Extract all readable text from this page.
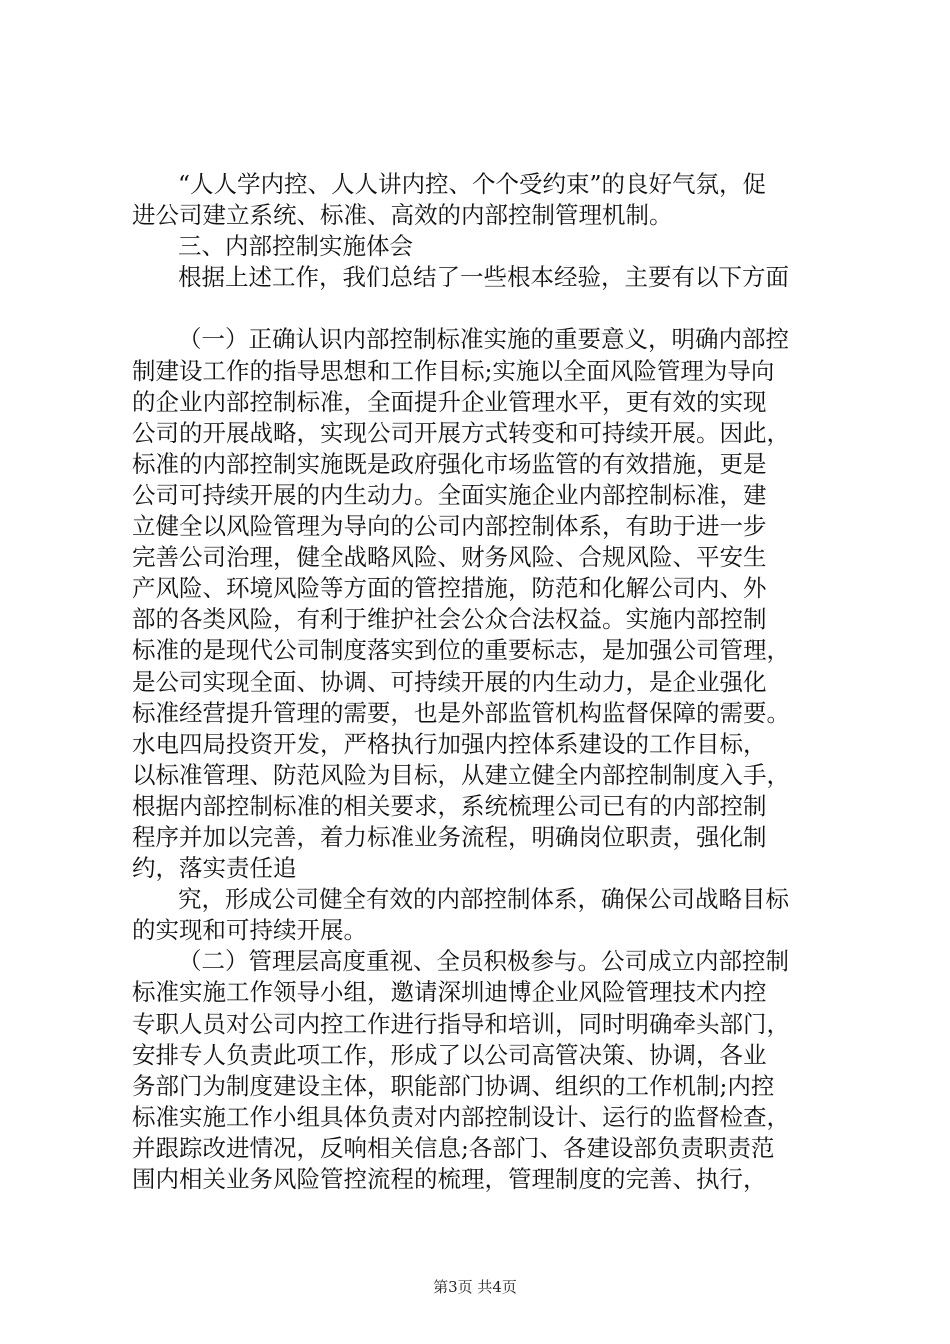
“人人学内控、人人讲内控、个个受约束”的良好气氛，促
进公司建立系统、标准、高效的内部控制管理机制。
三、内部控制实施体会
根据上述工作，我们总结了一些根本经验，主要有以下方面
（一）正确认识内部控制标准实施的重要意义，明确内部控
制建设工作的指导思想和工作目标;实施以全面风险管理为导向
的企业内部控制标准，全面提升企业管理水平，更有效的实现
公司的开展战略，实现公司开展方式转变和可持续开展。因此，
标准的内部控制实施既是政府强化市场监管的有效措施，更是
公司可持续开展的内生动力。全面实施企业内部控制标准，建
立健全以风险管理为导向的公司内部控制体系，有助于进一步
完善公司治理，健全战略风险、财务风险、合规风险、平安生
产风险、环境风险等方面的管控措施，防范和化解公司内、外
部的各类风险，有利于维护社会公众合法权益。实施内部控制
标准的是现代公司制度落实到位的重要标志，是加强公司管理，
是公司实现全面、协调、可持续开展的内生动力，是企业强化
标准经营提升管理的需要，也是外部监管机构监督保障的需要。
水电四局投资开发，严格执行加强内控体系建设的工作目标，
以标准管理、防范风险为目标，从建立健全内部控制制度入手，
根据内部控制标准的相关要求，系统梳理公司已有的内部控制
程序并加以完善，着力标准业务流程，明确岗位职责，强化制
约，落实责任追
究，形成公司健全有效的内部控制体系，确保公司战略目标
的实现和可持续开展。
（二）管理层高度重视、全员积极参与。公司成立内部控制
标准实施工作领导小组，邀请深圳迪博企业风险管理技术内控
专职人员对公司内控工作进行指导和培训，同时明确牵头部门，
安排专人负责此项工作，形成了以公司高管决策、协调，各业
务部门为制度建设主体，职能部门协调、组织的工作机制;内控
标准实施工作小组具体负责对内部控制设计、运行的监督检查，
并跟踪改进情况，反响相关信息;各部门、各建设部负责职责范
围内相关业务风险管控流程的梳理，管理制度的完善、执行，
第3页 共4页
